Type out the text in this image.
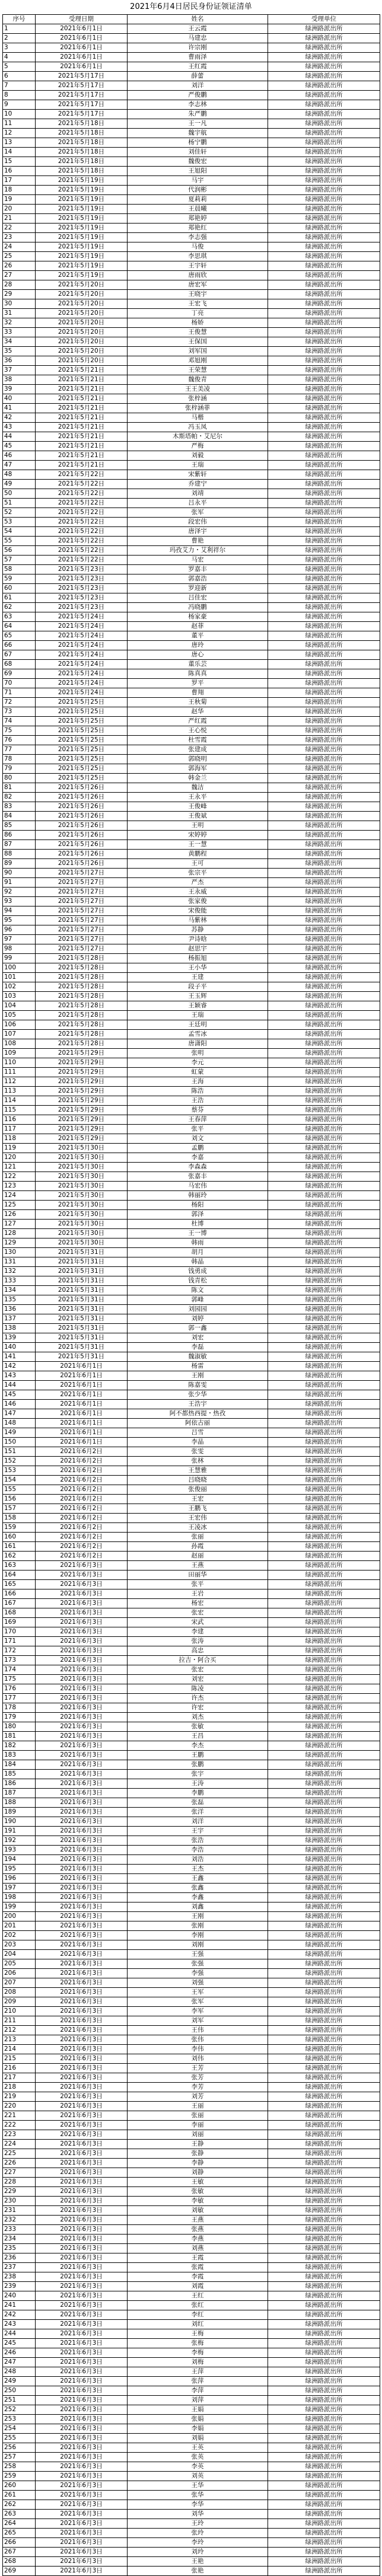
2021年6月4日居民身份证领证清单
序号	受理日期	姓名	受理单位
1	2021年6月1日	王云霞	绿洲路派出所
2	2021年6月1日	马建忠	绿洲路派出所
3	2021年6月1日	许宗刚	绿洲路派出所
4	2021年6月1日	曹雨泽	绿洲路派出所
5	2021年6月1日	王红霞	绿洲路派出所
6	2021年5月17日	薛蕾	绿洲路派出所
7	2021年5月17日	刘洋	绿洲路派出所
8	2021年5月17日	严俊鹏	绿洲路派出所
9	2021年5月17日	李志林	绿洲路派出所
10	2021年5月17日	朱严鹏	绿洲路派出所
11	2021年5月18日	王一凡	绿洲路派出所
12	2021年5月18日	魏宇航	绿洲路派出所
13	2021年5月18日	杨宁鹏	绿洲路派出所
14	2021年5月18日	刘佳轩	绿洲路派出所
15	2021年5月18日	魏俊宏	绿洲路派出所
16	2021年5月18日	王旭阳	绿洲路派出所
17	2021年5月19日	马宇	绿洲路派出所
18	2021年5月19日	代润彬	绿洲路派出所
19	2021年5月19日	夏莉莉	绿洲路派出所
20	2021年5月19日	王晨曦	绿洲路派出所
21	2021年5月19日	郑艳婷	绿洲路派出所
22	2021年5月19日	郑艳红	绿洲路派出所
23	2021年5月19日	李志强	绿洲路派出所
24	2021年5月19日	马俊	绿洲路派出所
25	2021年5月19日	李思琪	绿洲路派出所
26	2021年5月19日	王宇轩	绿洲路派出所
27	2021年5月19日	唐雨欣	绿洲路派出所
28	2021年5月20日	唐宏军	绿洲路派出所
29	2021年5月20日	王晓宇	绿洲路派出所
30	2021年5月20日	王宏飞	绿洲路派出所
31	2021年5月20日	丁亮	绿洲路派出所
32	2021年5月20日	杨娇	绿洲路派出所
33	2021年5月20日	王俊慧	绿洲路派出所
34	2021年5月20日	王保国	绿洲路派出所
35	2021年5月20日	刘军国	绿洲路派出所
36	2021年5月20日	邓旭刚	绿洲路派出所
37	2021年5月21日	王荣慧	绿洲路派出所
38	2021年5月21日	魏俊青	绿洲路派出所
39	2021年5月21日	王王美凌	绿洲路派出所
40	2021年5月21日	张梓涵	绿洲路派出所
41	2021年5月21日	张梓涵菲	绿洲路派出所
42	2021年5月21日	马楷	绿洲路派出所
43	2021年5月21日	冯玉凤	绿洲路派出所
44	2021年5月21日	木斯塔帕・艾尼尔	绿洲路派出所
45	2021年5月21日	严梅	绿洲路派出所
46	2021年5月21日	刘毅	绿洲路派出所
47	2021年5月21日	王瑞	绿洲路派出所
48	2021年5月22日	宋紫轩	绿洲路派出所
49	2021年5月22日	乔建宁	绿洲路派出所
50	2021年5月22日	刘靖	绿洲路派出所
51	2021年5月22日	吕永平	绿洲路派出所
52	2021年5月22日	张军	绿洲路派出所
53	2021年5月22日	段宏伟	绿洲路派出所
54	2021年5月22日	唐泽宇	绿洲路派出所
55	2021年5月22日	曹艳	绿洲路派出所
56	2021年5月22日	玛孜艾力・艾利祥尔	绿洲路派出所
57	2021年5月22日	马宏	绿洲路派出所
58	2021年5月23日	罗嘉丰	绿洲路派出所
59	2021年5月23日	郭嘉浩	绿洲路派出所
60	2021年5月23日	罗迎新	绿洲路派出所
61	2021年5月23日	吕佳宏	绿洲路派出所
62	2021年5月23日	冯晓鹏	绿洲路派出所
63	2021年5月24日	杨家豪	绿洲路派出所
64	2021年5月24日	赵菲	绿洲路派出所
65	2021年5月24日	董平	绿洲路派出所
66	2021年5月24日	唐玲	绿洲路派出所
67	2021年5月24日	唐心	绿洲路派出所
68	2021年5月24日	董乐芸	绿洲路派出所
69	2021年5月24日	陈真真	绿洲路派出所
70	2021年5月24日	罗平	绿洲路派出所
71	2021年5月24日	曹翔	绿洲路派出所
72	2021年5月25日	王秋菊	绿洲路派出所
73	2021年5月25日	赵华	绿洲路派出所
74	2021年5月25日	严红霞	绿洲路派出所
75	2021年5月25日	王心悦	绿洲路派出所
76	2021年5月25日	杜雪霞	绿洲路派出所
77	2021年5月25日	张建成	绿洲路派出所
78	2021年5月25日	郭晓明	绿洲路派出所
79	2021年5月25日	郭海军	绿洲路派出所
80	2021年5月25日	韩金兰	绿洲路派出所
81	2021年5月26日	魏洁	绿洲路派出所
82	2021年5月26日	王永平	绿洲路派出所
83	2021年5月26日	王俊峰	绿洲路派出所
84	2021年5月26日	王俊斌	绿洲路派出所
85	2021年5月26日	王明	绿洲路派出所
86	2021年5月26日	宋婷婷	绿洲路派出所
87	2021年5月26日	王一慧	绿洲路派出所
88	2021年5月26日	黄鹏程	绿洲路派出所
89	2021年5月26日	王可	绿洲路派出所
90	2021年5月27日	张宗平	绿洲路派出所
91	2021年5月27日	严杰	绿洲路派出所
92	2021年5月27日	王永威	绿洲路派出所
93	2021年5月27日	张家俊	绿洲路派出所
94	2021年5月27日	宋俊能	绿洲路派出所
95	2021年5月27日	马紫林	绿洲路派出所
96	2021年5月27日	苏静	绿洲路派出所
97	2021年5月27日	尹诗晗	绿洲路派出所
98	2021年5月27日	赵思宇	绿洲路派出所
99	2021年5月28日	杨振旭	绿洲路派出所
100	2021年5月28日	王小华	绿洲路派出所
101	2021年5月28日	王建	绿洲路派出所
102	2021年5月28日	段子平	绿洲路派出所
103	2021年5月28日	王玉辉	绿洲路派出所
104	2021年5月28日	王颖睿	绿洲路派出所
105	2021年5月28日	王瑞	绿洲路派出所
106	2021年5月28日	王廷明	绿洲路派出所
107	2021年5月28日	孟雪冰	绿洲路派出所
108	2021年5月28日	唐潇阳	绿洲路派出所
109	2021年5月29日	张明	绿洲路派出所
110	2021年5月29日	李元	绿洲路派出所
111	2021年5月29日	虹蒙	绿洲路派出所
112	2021年5月29日	王海	绿洲路派出所
113	2021年5月29日	陈浩	绿洲路派出所
114	2021年5月29日	王浩	绿洲路派出所
115	2021年5月29日	蔡芬	绿洲路派出所
116	2021年5月29日	王春萍	绿洲路派出所
117	2021年5月29日	张平	绿洲路派出所
118	2021年5月29日	刘文	绿洲路派出所
119	2021年5月30日	孟鹏	绿洲路派出所
120	2021年5月30日	李嘉	绿洲路派出所
121	2021年5月30日	李森森	绿洲路派出所
122	2021年5月30日	张嘉丰	绿洲路派出所
123	2021年5月30日	马宏伟	绿洲路派出所
124	2021年5月30日	韩丽玲	绿洲路派出所
125	2021年5月30日	杨阳	绿洲路派出所
126	2021年5月30日	郭泽	绿洲路派出所
127	2021年5月30日	杜博	绿洲路派出所
128	2021年5月30日	王一博	绿洲路派出所
129	2021年5月30日	韩雨	绿洲路派出所
130	2021年5月31日	胡月	绿洲路派出所
131	2021年5月31日	韩晶	绿洲路派出所
132	2021年5月31日	钱勇成	绿洲路派出所
133	2021年5月31日	钱青松	绿洲路派出所
134	2021年5月31日	陈文	绿洲路派出所
135	2021年5月31日	郭峰	绿洲路派出所
136	2021年5月31日	刘园园	绿洲路派出所
137	2021年5月31日	刘婷	绿洲路派出所
138	2021年5月31日	郭一鑫	绿洲路派出所
139	2021年5月31日	刘宏	绿洲路派出所
140	2021年5月31日	李磊	绿洲路派出所
141	2021年5月31日	魏淑敏	绿洲路派出所
142	2021年6月1日	杨雷	绿洲路派出所
143	2021年6月1日	王刚	绿洲路派出所
144	2021年6月1日	陈嘉雯	绿洲路派出所
145	2021年6月1日	张少华	绿洲路派出所
146	2021年6月1日	王浩宇	绿洲路派出所
147	2021年6月1日	阿不都热西提・热孜	绿洲路派出所
148	2021年6月1日	阿依古丽	绿洲路派出所
149	2021年6月1日	吕雪	绿洲路派出所
150	2021年6月1日	李晶	绿洲路派出所
151	2021年6月2日	张雯	绿洲路派出所
152	2021年6月2日	张林	绿洲路派出所
153	2021年6月2日	王慧雅	绿洲路派出所
154	2021年6月2日	吕晓晓	绿洲路派出所
155	2021年6月2日	张俊丽	绿洲路派出所
156	2021年6月2日	王宏	绿洲路派出所
157	2021年6月2日	王鹏飞	绿洲路派出所
158	2021年6月2日	王宏伟	绿洲路派出所
159	2021年6月2日	王凌冰	绿洲路派出所
160	2021年6月2日	张丽	绿洲路派出所
161	2021年6月2日	孙霞	绿洲路派出所
162	2021年6月2日	赵丽	绿洲路派出所
163	2021年6月3日	王燕	绿洲路派出所
164	2021年6月3日	田丽华	绿洲路派出所
165	2021年6月3日	张平	绿洲路派出所
166	2021年6月3日	王岩	绿洲路派出所
167	2021年6月3日	杨宏	绿洲路派出所
168	2021年6月3日	张宏	绿洲路派出所
169	2021年6月3日	宋武	绿洲路派出所
170	2021年6月3日	李建	绿洲路派出所
171	2021年6月3日	张涛	绿洲路派出所
172	2021年6月3日	高忠	绿洲路派出所
173	2021年6月3日	拉吉・阿合买	绿洲路派出所
174	2021年6月3日	张宏	绿洲路派出所
175	2021年6月3日	刘宏	绿洲路派出所
176	2021年6月3日	陈凌	绿洲路派出所
177	2021年6月3日	许杰	绿洲路派出所
178	2021年6月3日	许宏	绿洲路派出所
179	2021年6月3日	刘杰	绿洲路派出所
180	2021年6月3日	张敏	绿洲路派出所
181	2021年6月3日	王昌	绿洲路派出所
182	2021年6月3日	李杰	绿洲路派出所
183	2021年6月3日	王鹏	绿洲路派出所
184	2021年6月3日	张鹏	绿洲路派出所
185	2021年6月3日	张宇	绿洲路派出所
186	2021年6月3日	王涛	绿洲路派出所
187	2021年6月3日	李鹏	绿洲路派出所
188	2021年6月3日	张磊	绿洲路派出所
189	2021年6月3日	张洋	绿洲路派出所
190	2021年6月3日	刘洋	绿洲路派出所
191	2021年6月3日	王宇	绿洲路派出所
192	2021年6月3日	张浩	绿洲路派出所
193	2021年6月3日	李浩	绿洲路派出所
194	2021年6月3日	刘浩	绿洲路派出所
195	2021年6月3日	王杰	绿洲路派出所
196	2021年6月3日	王鑫	绿洲路派出所
197	2021年6月3日	张鑫	绿洲路派出所
198	2021年6月3日	李鑫	绿洲路派出所
199	2021年6月3日	刘鑫	绿洲路派出所
200	2021年6月3日	王刚	绿洲路派出所
201	2021年6月3日	张刚	绿洲路派出所
202	2021年6月3日	李刚	绿洲路派出所
203	2021年6月3日	刘刚	绿洲路派出所
204	2021年6月3日	王强	绿洲路派出所
205	2021年6月3日	张强	绿洲路派出所
206	2021年6月3日	李强	绿洲路派出所
207	2021年6月3日	刘强	绿洲路派出所
208	2021年6月3日	王军	绿洲路派出所
209	2021年6月3日	张军	绿洲路派出所
210	2021年6月3日	李军	绿洲路派出所
211	2021年6月3日	刘军	绿洲路派出所
212	2021年6月3日	王伟	绿洲路派出所
213	2021年6月3日	张伟	绿洲路派出所
214	2021年6月3日	李伟	绿洲路派出所
215	2021年6月3日	刘伟	绿洲路派出所
216	2021年6月3日	王芳	绿洲路派出所
217	2021年6月3日	张芳	绿洲路派出所
218	2021年6月3日	李芳	绿洲路派出所
219	2021年6月3日	刘芳	绿洲路派出所
220	2021年6月3日	王丽	绿洲路派出所
221	2021年6月3日	张丽	绿洲路派出所
222	2021年6月3日	李丽	绿洲路派出所
223	2021年6月3日	刘丽	绿洲路派出所
224	2021年6月3日	王静	绿洲路派出所
225	2021年6月3日	张静	绿洲路派出所
226	2021年6月3日	李静	绿洲路派出所
227	2021年6月3日	刘静	绿洲路派出所
228	2021年6月3日	王敏	绿洲路派出所
229	2021年6月3日	张敏	绿洲路派出所
230	2021年6月3日	李敏	绿洲路派出所
231	2021年6月3日	刘敏	绿洲路派出所
232	2021年6月3日	王燕	绿洲路派出所
233	2021年6月3日	张燕	绿洲路派出所
234	2021年6月3日	李燕	绿洲路派出所
235	2021年6月3日	刘燕	绿洲路派出所
236	2021年6月3日	王霞	绿洲路派出所
237	2021年6月3日	张霞	绿洲路派出所
238	2021年6月3日	李霞	绿洲路派出所
239	2021年6月3日	刘霞	绿洲路派出所
240	2021年6月3日	王红	绿洲路派出所
241	2021年6月3日	张红	绿洲路派出所
242	2021年6月3日	李红	绿洲路派出所
243	2021年6月3日	刘红	绿洲路派出所
244	2021年6月3日	王梅	绿洲路派出所
245	2021年6月3日	张梅	绿洲路派出所
246	2021年6月3日	李梅	绿洲路派出所
247	2021年6月3日	刘梅	绿洲路派出所
248	2021年6月3日	王萍	绿洲路派出所
249	2021年6月3日	张萍	绿洲路派出所
250	2021年6月3日	李萍	绿洲路派出所
251	2021年6月3日	刘萍	绿洲路派出所
252	2021年6月3日	王娟	绿洲路派出所
253	2021年6月3日	张娟	绿洲路派出所
254	2021年6月3日	李娟	绿洲路派出所
255	2021年6月3日	刘娟	绿洲路派出所
256	2021年6月3日	王英	绿洲路派出所
257	2021年6月3日	张英	绿洲路派出所
258	2021年6月3日	李英	绿洲路派出所
259	2021年6月3日	刘英	绿洲路派出所
260	2021年6月3日	王华	绿洲路派出所
261	2021年6月3日	张华	绿洲路派出所
262	2021年6月3日	李华	绿洲路派出所
263	2021年6月3日	刘华	绿洲路派出所
264	2021年6月3日	王玲	绿洲路派出所
265	2021年6月3日	张玲	绿洲路派出所
266	2021年6月3日	李玲	绿洲路派出所
267	2021年6月3日	刘玲	绿洲路派出所
268	2021年6月3日	王艳	绿洲路派出所
269	2021年6月3日	张艳	绿洲路派出所
